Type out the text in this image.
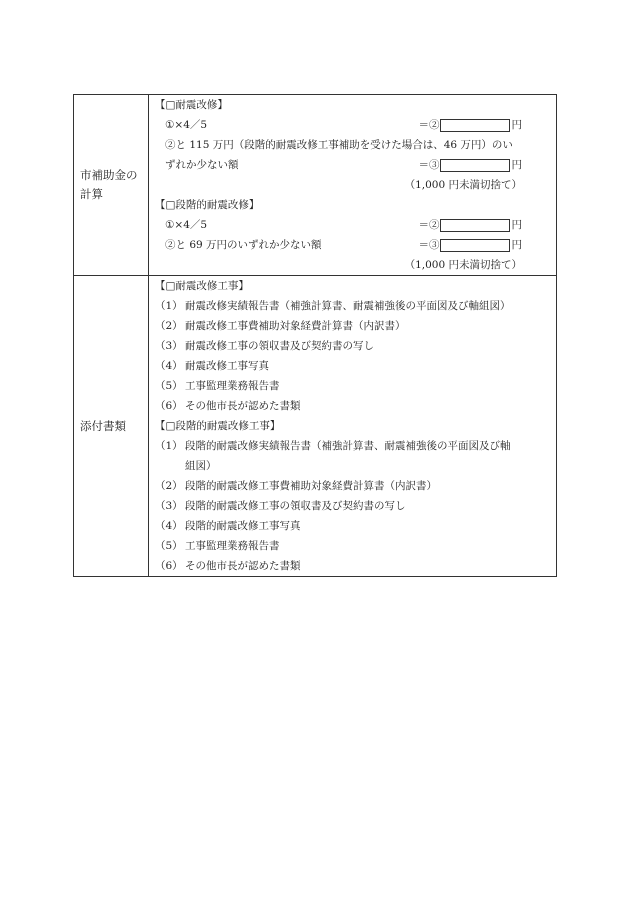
市補助金の
計算
【□耐震改修】
①×4／5	＝②	円
②と 115 万円（段階的耐震改修工事補助を受けた場合は、46 万円）のい
ずれか少ない額	＝③	円
（1,000 円未満切捨て）
【□段階的耐震改修】
①×4／5	＝②	円
②と 69 万円のいずれか少ない額	＝③	円
（1,000 円未満切捨て）
添付書類
【□耐震改修工事】
（1） 耐震改修実績報告書（補強計算書、耐震補強後の平面図及び軸組図）
（2） 耐震改修工事費補助対象経費計算書（内訳書）
（3） 耐震改修工事の領収書及び契約書の写し
（4） 耐震改修工事写真
（5） 工事監理業務報告書
（6） その他市長が認めた書類
【□段階的耐震改修工事】
（1） 段階的耐震改修実績報告書（補強計算書、耐震補強後の平面図及び軸
組図）
（2） 段階的耐震改修工事費補助対象経費計算書（内訳書）
（3） 段階的耐震改修工事の領収書及び契約書の写し
（4） 段階的耐震改修工事写真
（5） 工事監理業務報告書
（6） その他市長が認めた書類
